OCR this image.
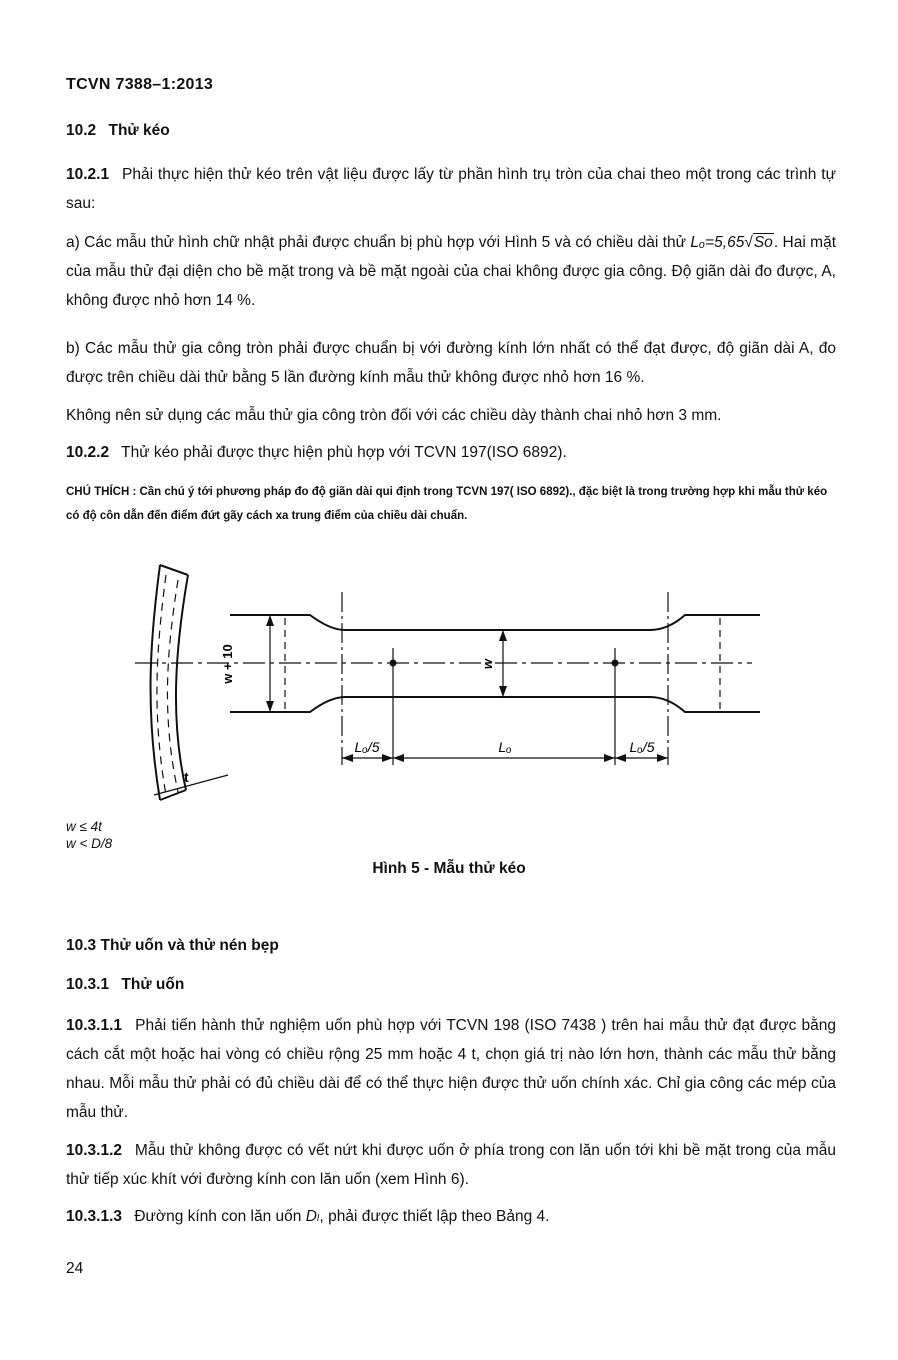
TCVN 7388–1:2013
10.2 Thử kéo
10.2.1 Phải thực hiện thử kéo trên vật liệu được lấy từ phần hình trụ tròn của chai theo một trong các trình tự sau:
a) Các mẫu thử hình chữ nhật phải được chuẩn bị phù hợp với Hình 5 và có chiều dài thử Lₒ=5,65√So. Hai mặt của mẫu thử đại diện cho bề mặt trong và bề mặt ngoài của chai không được gia công. Độ giãn dài đo được, A, không được nhỏ hơn 14 %.
b) Các mẫu thử gia công tròn phải được chuẩn bị với đường kính lớn nhất có thể đạt được, độ giãn dài A, đo được trên chiều dài thử bằng 5 lần đường kính mẫu thử không được nhỏ hơn 16 %.
Không nên sử dụng các mẫu thử gia công tròn đối với các chiều dày thành chai nhỏ hơn 3 mm.
10.2.2 Thử kéo phải được thực hiện phù hợp với TCVN 197(ISO 6892).
CHÚ THÍCH : Cần chú ý tới phương pháp đo độ giãn dài qui định trong TCVN 197( ISO 6892)., đặc biệt là trong trường hợp khi mẫu thử kéo có độ côn dẫn đến điểm đứt gãy cách xa trung điểm của chiều dài chuẩn.
w + 10	w
t
Lₒ/5	Lₒ	Lₒ/5
w ≤ 4t
w < D/8
Hình 5 - Mẫu thử kéo
10.3 Thử uốn và thử nén bẹp
10.3.1 Thử uốn
10.3.1.1 Phải tiến hành thử nghiệm uốn phù hợp với TCVN 198 (ISO 7438 ) trên hai mẫu thử đạt được bằng cách cắt một hoặc hai vòng có chiều rộng 25 mm hoặc 4 t, chọn giá trị nào lớn hơn, thành các mẫu thử bằng nhau. Mỗi mẫu thử phải có đủ chiều dài để có thể thực hiện được thử uốn chính xác. Chỉ gia công các mép của mẫu thử.
10.3.1.2 Mẫu thử không được có vết nứt khi được uốn ở phía trong con lăn uốn tới khi bề mặt trong của mẫu thử tiếp xúc khít với đường kính con lăn uốn (xem Hình 6).
10.3.1.3 Đường kính con lăn uốn Dₗ, phải được thiết lập theo Bảng 4.
24
